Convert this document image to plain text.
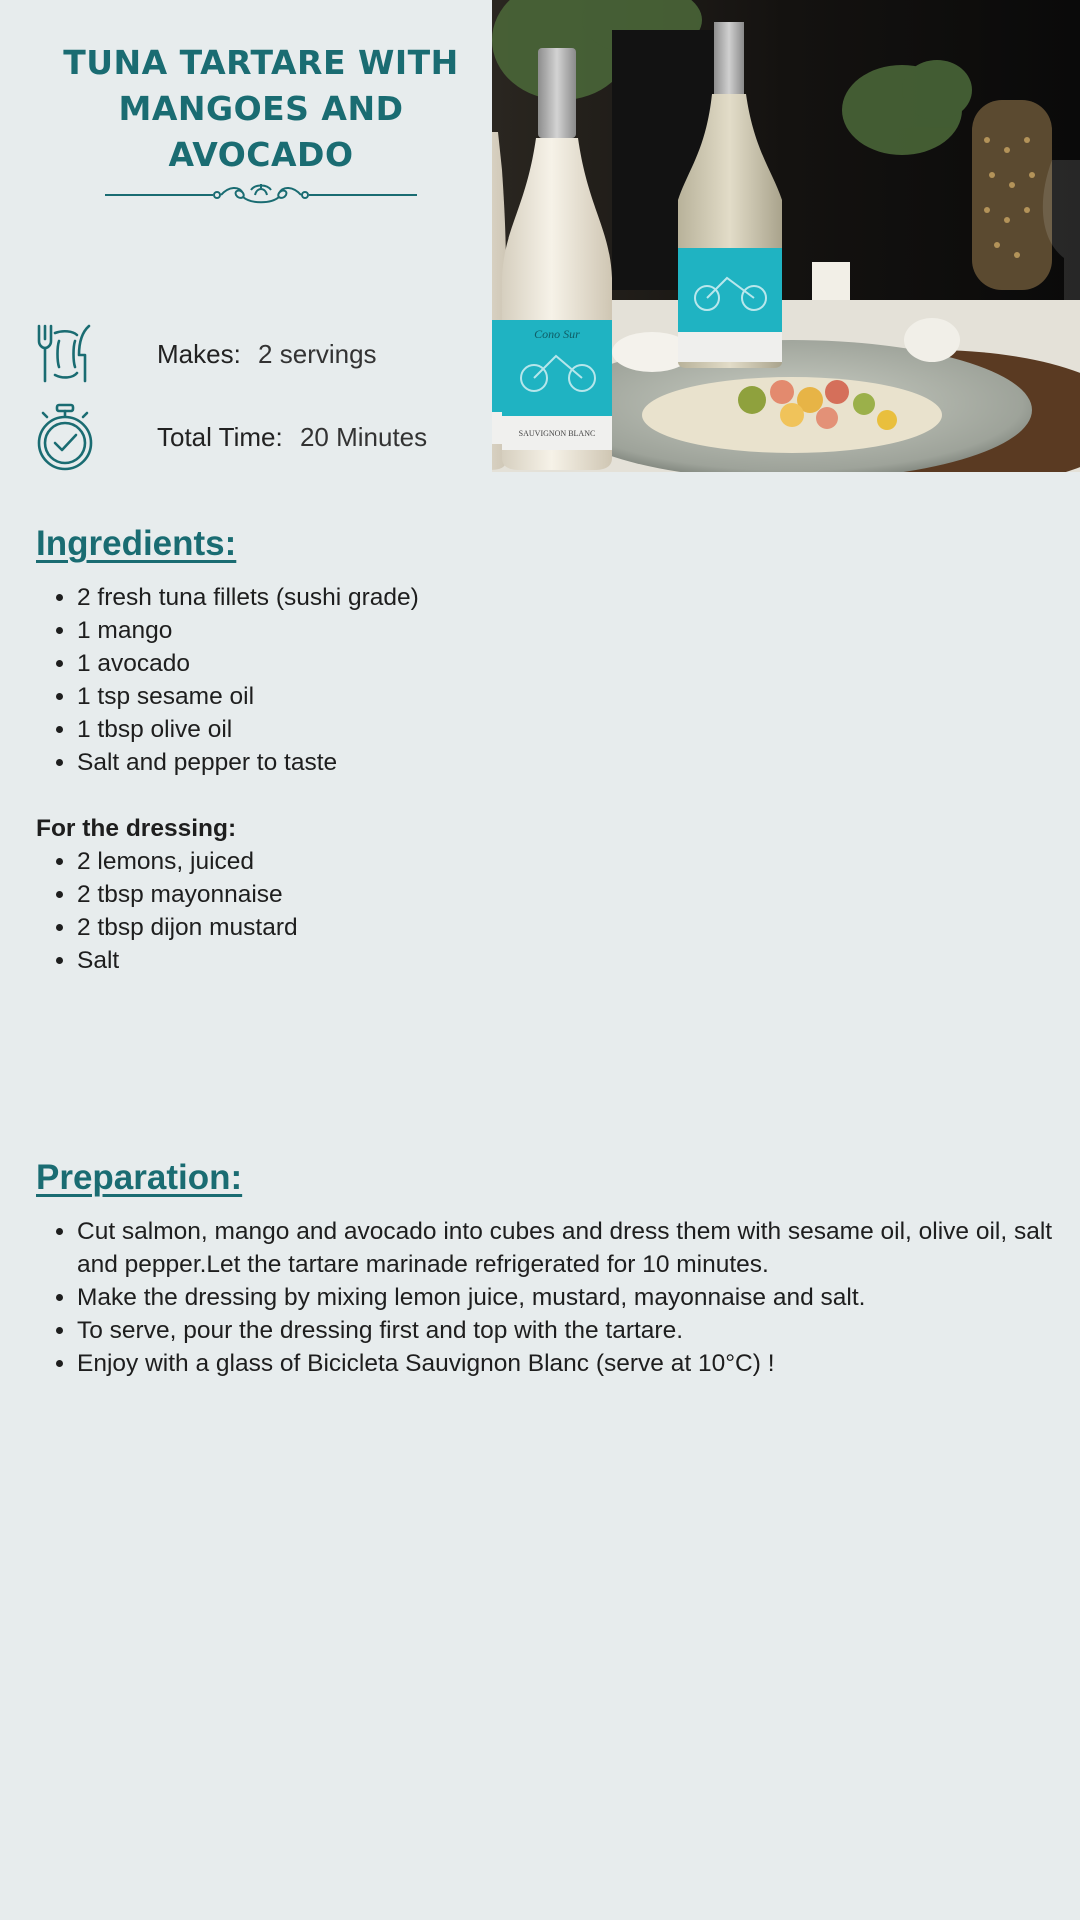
TUNA TARTARE WITH
MANGOES AND
AVOCADO
Makes: 2 servings
Total Time: 20 Minutes
Cono Sur
SAUVIGNON BLANC
Ingredients:
• 2 fresh tuna fillets (sushi grade)
• 1 mango
• 1 avocado
• 1 tsp sesame oil
• 1 tbsp olive oil
• Salt and pepper to taste

For the dressing:

• 2 lemons, juiced
• 2 tbsp mayonnaise
• 2 tbsp dijon mustard
• Salt
Preparation:
• Cut salmon, mango and avocado into cubes and dress them with sesame oil, olive oil, salt and pepper.Let the tartare marinade refrigerated for 10 minutes.
• Make the dressing by mixing lemon juice, mustard, mayonnaise and salt.
• To serve, pour the dressing first and top with the tartare.
• Enjoy with a glass of Bicicleta Sauvignon Blanc (serve at 10°C) !
